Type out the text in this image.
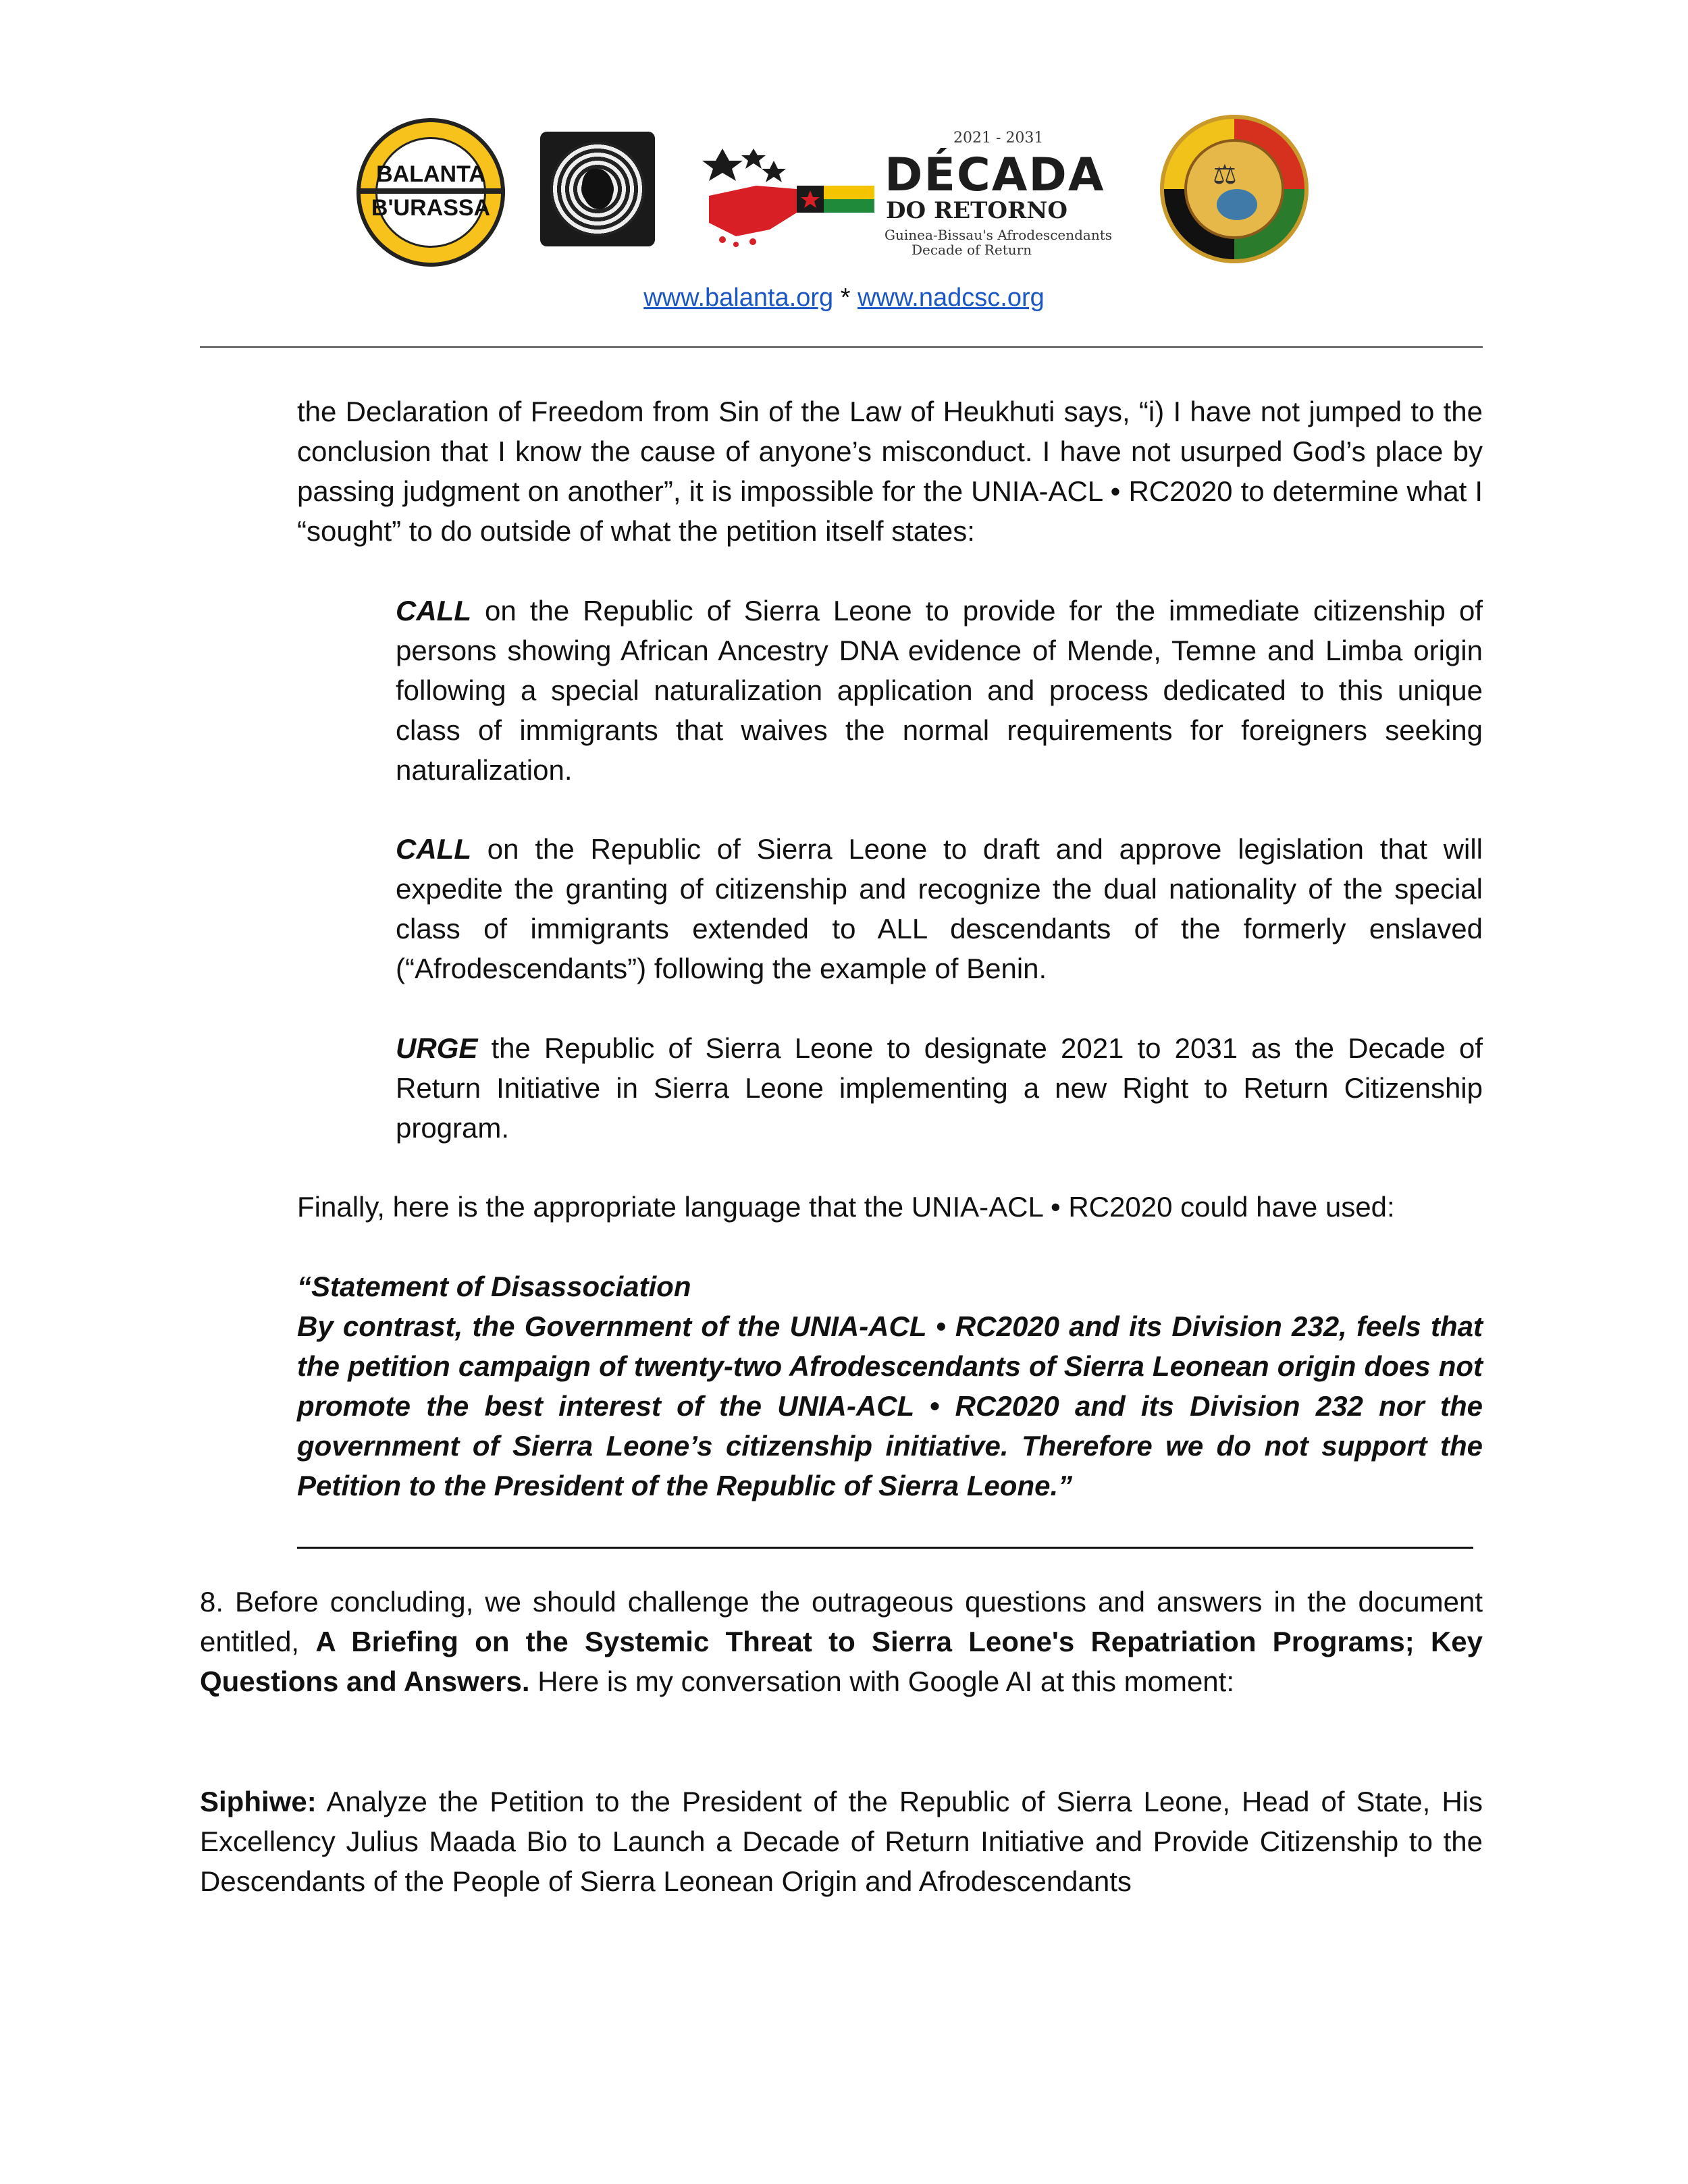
BALANTA
B'URASSA
2021 - 2031
DÉCADA
DO RETORNO
Guinea-Bissau's Afrodescendants
Decade of Return
⚖
www.balanta.org * www.nadcsc.org

the Declaration of Freedom from Sin of the Law of Heukhuti says, “i) I have not jumped to the conclusion that I know the cause of anyone’s misconduct. I have not usurped God’s place by passing judgment on another”, it is impossible for the UNIA-ACL • RC2020 to determine what I “sought” to do outside of what the petition itself states:

CALL on the Republic of Sierra Leone to provide for the immediate citizenship of persons showing African Ancestry DNA evidence of Mende, Temne and Limba origin following a special naturalization application and process dedicated to this unique class of immigrants that waives the normal requirements for foreigners seeking naturalization.

CALL on the Republic of Sierra Leone to draft and approve legislation that will expedite the granting of citizenship and recognize the dual nationality of the special class of immigrants extended to ALL descendants of the formerly enslaved (“Afrodescendants”) following the example of Benin.

URGE the Republic of Sierra Leone to designate 2021 to 2031 as the Decade of Return Initiative in Sierra Leone implementing a new Right to Return Citizenship program.

Finally, here is the appropriate language that the UNIA-ACL • RC2020 could have used:

“Statement of Disassociation
By contrast, the Government of the UNIA-ACL • RC2020 and its Division 232, feels that the petition campaign of twenty-two Afrodescendants of Sierra Leonean origin does not promote the best interest of the UNIA-ACL • RC2020 and its Division 232 nor the government of Sierra Leone’s citizenship initiative. Therefore we do not support the Petition to the President of the Republic of Sierra Leone.”

8. Before concluding, we should challenge the outrageous questions and answers in the document entitled, A Briefing on the Systemic Threat to Sierra Leone's Repatriation Programs; Key Questions and Answers. Here is my conversation with Google AI at this moment:

Siphiwe: Analyze the Petition to the President of the Republic of Sierra Leone, Head of State, His Excellency Julius Maada Bio to Launch a Decade of Return Initiative and Provide Citizenship to the Descendants of the People of Sierra Leonean Origin and Afrodescendants
